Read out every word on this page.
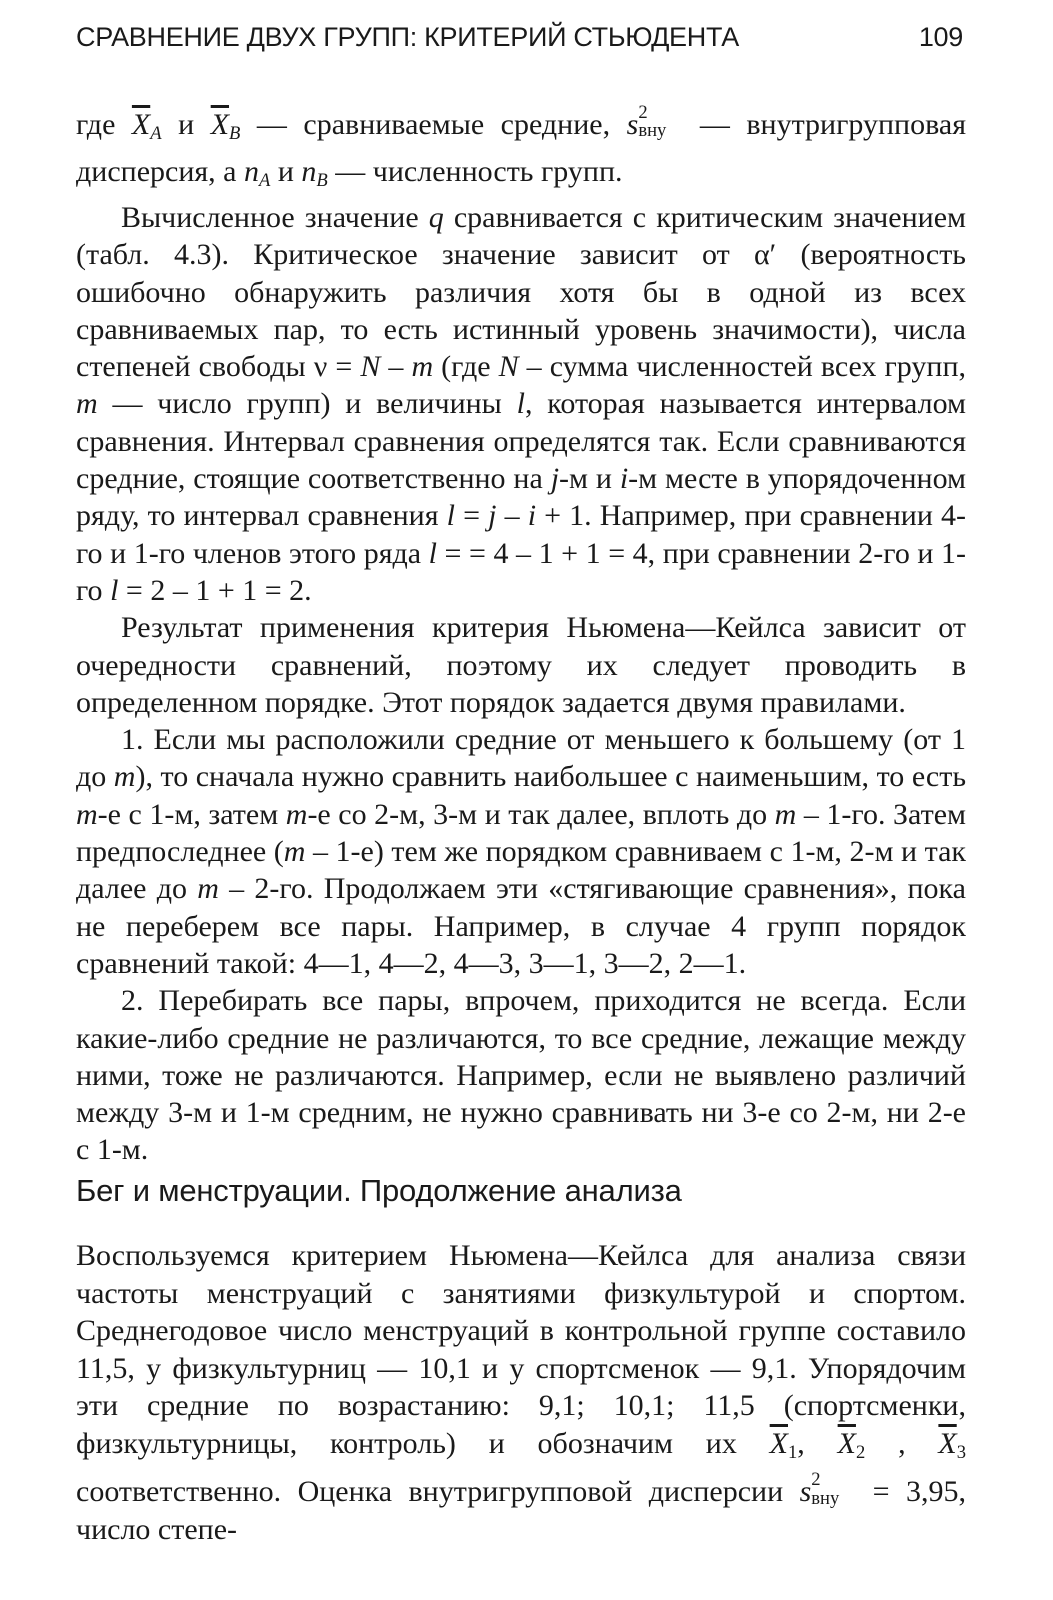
СРАВНЕНИЕ ДВУХ ГРУПП: КРИТЕРИЙ СТЬЮДЕНТА	109

где $\overline{X}_A$ и $\overline{X}_B$ — сравниваемые средние, s 2
вну — внутригрупповая дисперсия, а $n_A$ и $n_B$ — численность групп.

Вычисленное значение q сравнивается с критическим значением (табл. 4.3). Критическое значение зависит от α′ (вероятность ошибочно обнаружить различия хотя бы в одной из всех сравниваемых пар, то есть истинный уровень значимости), числа степеней свободы ν = N – m (где N – сумма численностей всех групп, m — число групп) и величины l, которая называется интервалом сравнения. Интервал сравнения определятся так. Если сравниваются средние, стоящие соответственно на j-м и i-м месте в упорядоченном ряду, то интервал сравнения l = j – i + 1. Например, при сравнении 4-го и 1-го членов этого ряда l = = 4 – 1 + 1 = 4, при сравнении 2-го и 1-го l = 2 – 1 + 1 = 2.

Результат применения критерия Ньюмена—Кейлса зависит от очередности сравнений, поэтому их следует проводить в определенном порядке. Этот порядок задается двумя правилами.

1. Если мы расположили средние от меньшего к большему (от 1 до m), то сначала нужно сравнить наибольшее с наименьшим, то есть m-е с 1-м, затем m-е со 2-м, 3-м и так далее, вплоть до m – 1-го. Затем предпоследнее (m – 1-е) тем же порядком сравниваем с 1-м, 2-м и так далее до m – 2-го. Продолжаем эти «стягивающие сравнения», пока не переберем все пары. Например, в случае 4 групп порядок сравнений такой: 4—1, 4—2, 4—3, 3—1, 3—2, 2—1.

2. Перебирать все пары, впрочем, приходится не всегда. Если какие-либо средние не различаются, то все средние, лежащие между ними, тоже не различаются. Например, если не выявлено различий между 3-м и 1-м средним, не нужно сравнивать ни 3-е со 2-м, ни 2-е с 1-м.

Бег и менструации. Продолжение анализа

Воспользуемся критерием Ньюмена—Кейлса для анализа связи частоты менструаций с занятиями физкультурой и спортом. Среднегодовое число менструаций в контрольной группе составило 11,5, у физкультурниц — 10,1 и у спортсменок — 9,1. Упорядочим эти средние по возрастанию: 9,1; 10,1; 11,5 (спортсменки, физкультурницы, контроль) и обозначим их $\overline{X}_1$, $\overline{X}_2$ , $\overline{X}_3$ соответственно. Оценка внутригрупповой дисперсии s 2
вну = 3,95, число степе-
